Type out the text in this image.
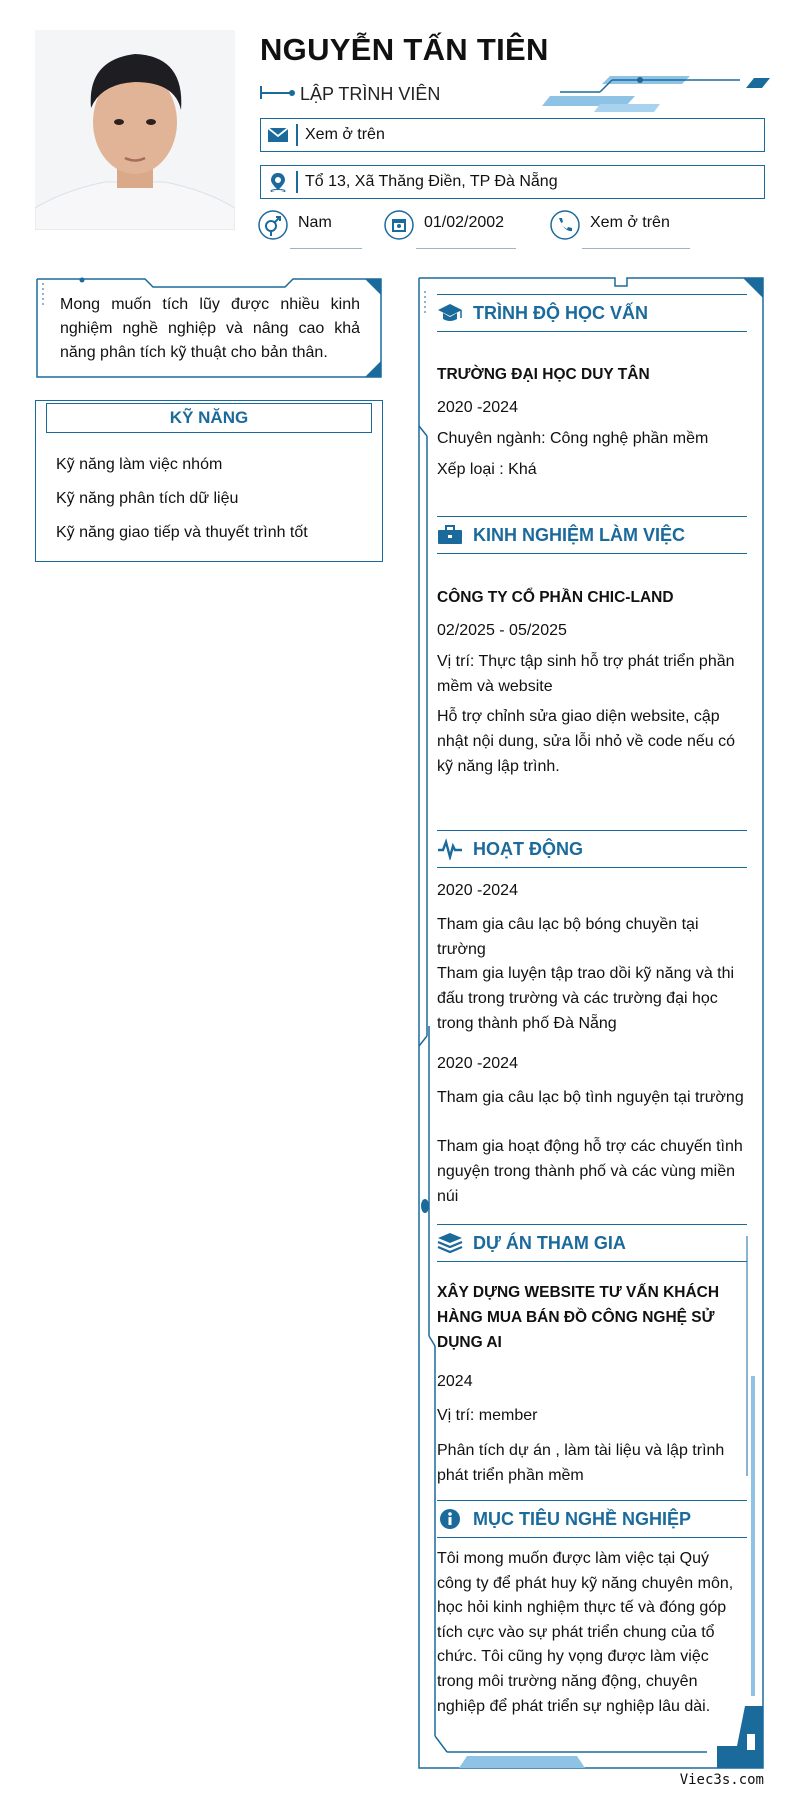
NGUYỄN TẤN TIÊN
LẬP TRÌNH VIÊN
Xem ở trên
Tổ 13, Xã Thăng Điền, TP Đà Nẵng
Nam	01/02/2002	Xem ở trên
Mong muốn tích lũy được nhiều kinh nghiệm nghề nghiệp và nâng cao khả năng phân tích kỹ thuật cho bản thân.
KỸ NĂNG
Kỹ năng làm việc nhóm
Kỹ năng phân tích dữ liệu
Kỹ năng giao tiếp và thuyết trình tốt
TRÌNH ĐỘ HỌC VẤN
TRƯỜNG ĐẠI HỌC DUY TÂN
2020 -2024
Chuyên ngành: Công nghệ phần mềm
Xếp loại : Khá
KINH NGHIỆM LÀM VIỆC
CÔNG TY CỔ PHẦN CHIC-LAND
02/2025 - 05/2025
Vị trí: Thực tập sinh hỗ trợ phát triển phần mềm và website
Hỗ trợ chỉnh sửa giao diện website, cập nhật nội dung, sửa lỗi nhỏ về code nếu có kỹ năng lập trình.
HOẠT ĐỘNG
2020 -2024
Tham gia câu lạc bộ bóng chuyền tại trường
Tham gia luyện tập trao dồi kỹ năng và thi đấu trong trường và các trường đại học trong thành phố Đà Nẵng
2020 -2024
Tham gia câu lạc bộ tình nguyện tại trường
Tham gia hoạt động hỗ trợ các chuyến tình nguyện trong thành phố và các vùng miền núi
DỰ ÁN THAM GIA
XÂY DỰNG WEBSITE TƯ VẤN KHÁCH HÀNG MUA BÁN ĐỒ CÔNG NGHỆ SỬ DỤNG AI
2024
Vị trí: member
Phân tích dự án , làm tài liệu và lập trình phát triển phần mềm
MỤC TIÊU NGHỀ NGHIỆP
Tôi mong muốn được làm việc tại Quý công ty để phát huy kỹ năng chuyên môn, học hỏi kinh nghiệm thực tế và đóng góp tích cực vào sự phát triển chung của tổ chức. Tôi cũng hy vọng được làm việc trong môi trường năng động, chuyên nghiệp để phát triển sự nghiệp lâu dài.
Viec3s.com
